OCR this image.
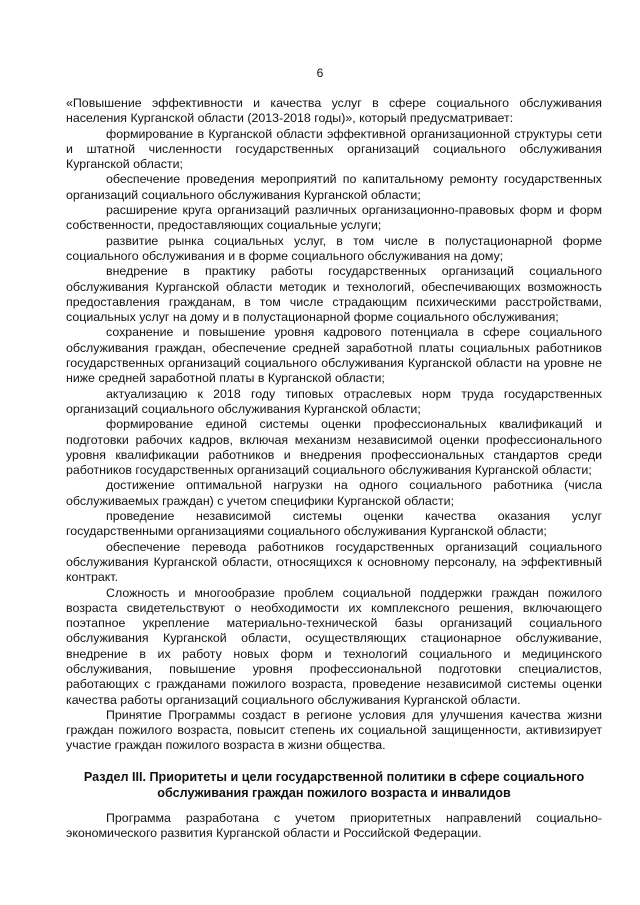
6

«Повышение эффективности и качества услуг в сфере социального обслуживания населения Курганской области (2013-2018 годы)», который предусматривает:

формирование в Курганской области эффективной организационной структуры сети и штатной численности государственных организаций социального обслуживания Курганской области;

обеспечение проведения мероприятий по капитальному ремонту государственных организаций социального обслуживания Курганской области;

расширение круга организаций различных организационно-правовых форм и форм собственности, предоставляющих социальные услуги;

развитие рынка социальных услуг, в том числе в полустационарной форме социального обслуживания и в форме социального обслуживания на дому;

внедрение в практику работы государственных организаций социального обслуживания Курганской области методик и технологий, обеспечивающих возможность предоставления гражданам, в том числе страдающим психическими расстройствами, социальных услуг на дому и в полустационарной форме социального обслуживания;

сохранение и повышение уровня кадрового потенциала в сфере социального обслуживания граждан, обеспечение средней заработной платы социальных работников государственных организаций социального обслуживания Курганской области на уровне не ниже средней заработной платы в Курганской области;

актуализацию к 2018 году типовых отраслевых норм труда государственных организаций социального обслуживания Курганской области;

формирование единой системы оценки профессиональных квалификаций и подготовки рабочих кадров, включая механизм независимой оценки профессионального уровня квалификации работников и внедрения профессиональных стандартов среди работников государственных организаций социального обслуживания Курганской области;

достижение оптимальной нагрузки на одного социального работника (числа обслуживаемых граждан) с учетом специфики Курганской области;

проведение независимой системы оценки качества оказания услуг государственными организациями социального обслуживания Курганской области;

обеспечение перевода работников государственных организаций социального обслуживания Курганской области, относящихся к основному персоналу, на эффективный контракт.

Сложность и многообразие проблем социальной поддержки граждан пожилого возраста свидетельствуют о необходимости их комплексного решения, включающего поэтапное укрепление материально-технической базы организаций социального обслуживания Курганской области, осуществляющих стационарное обслуживание, внедрение в их работу новых форм и технологий социального и медицинского обслуживания, повышение уровня профессиональной подготовки специалистов, работающих с гражданами пожилого возраста, проведение независимой системы оценки качества работы организаций социального обслуживания Курганской области.

Принятие Программы создаст в регионе условия для улучшения качества жизни граждан пожилого возраста, повысит степень их социальной защищенности, активизирует участие граждан пожилого возраста в жизни общества.

Раздел III. Приоритеты и цели государственной политики в сфере социального
обслуживания граждан пожилого возраста и инвалидов

Программа разработана с учетом приоритетных направлений социально-экономического развития Курганской области и Российской Федерации.
